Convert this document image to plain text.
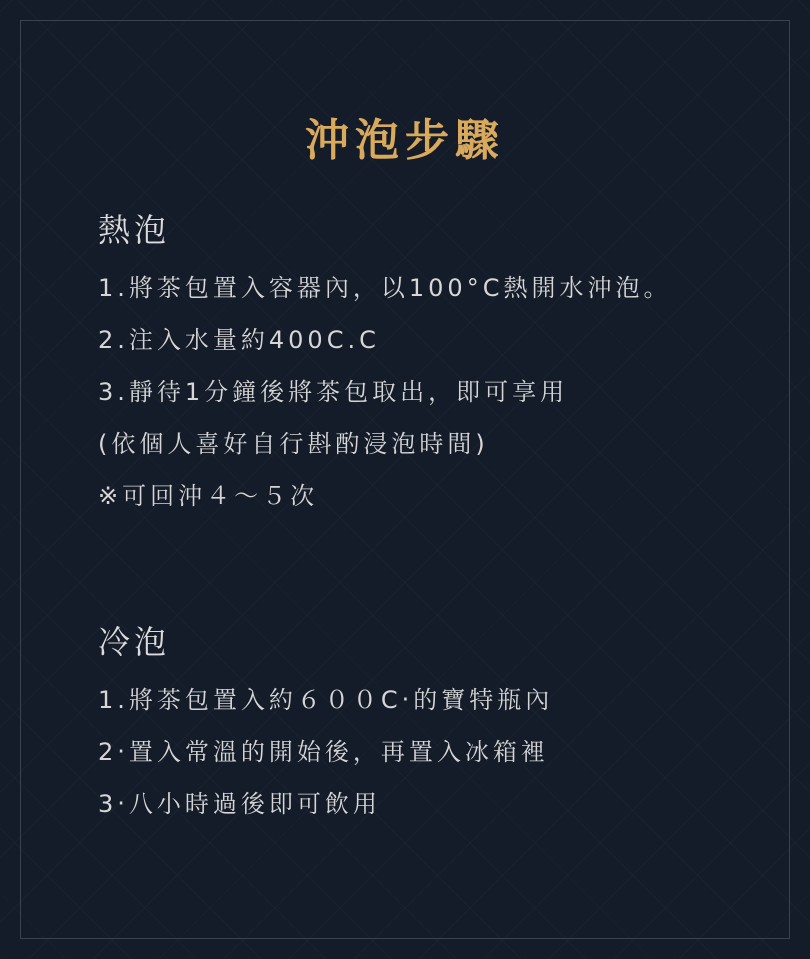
沖泡步驟
熱泡
1.將茶包置入容器內，以100°C熱開水沖泡。
2.注入水量約400C.C
3.靜待1分鐘後將茶包取出，即可享用
(依個人喜好自行斟酌浸泡時間)
※可回沖４～５次
冷泡
1.將茶包置入約６００C‧的寶特瓶內
2‧置入常溫的開始後，再置入冰箱裡
3‧八小時過後即可飲用
